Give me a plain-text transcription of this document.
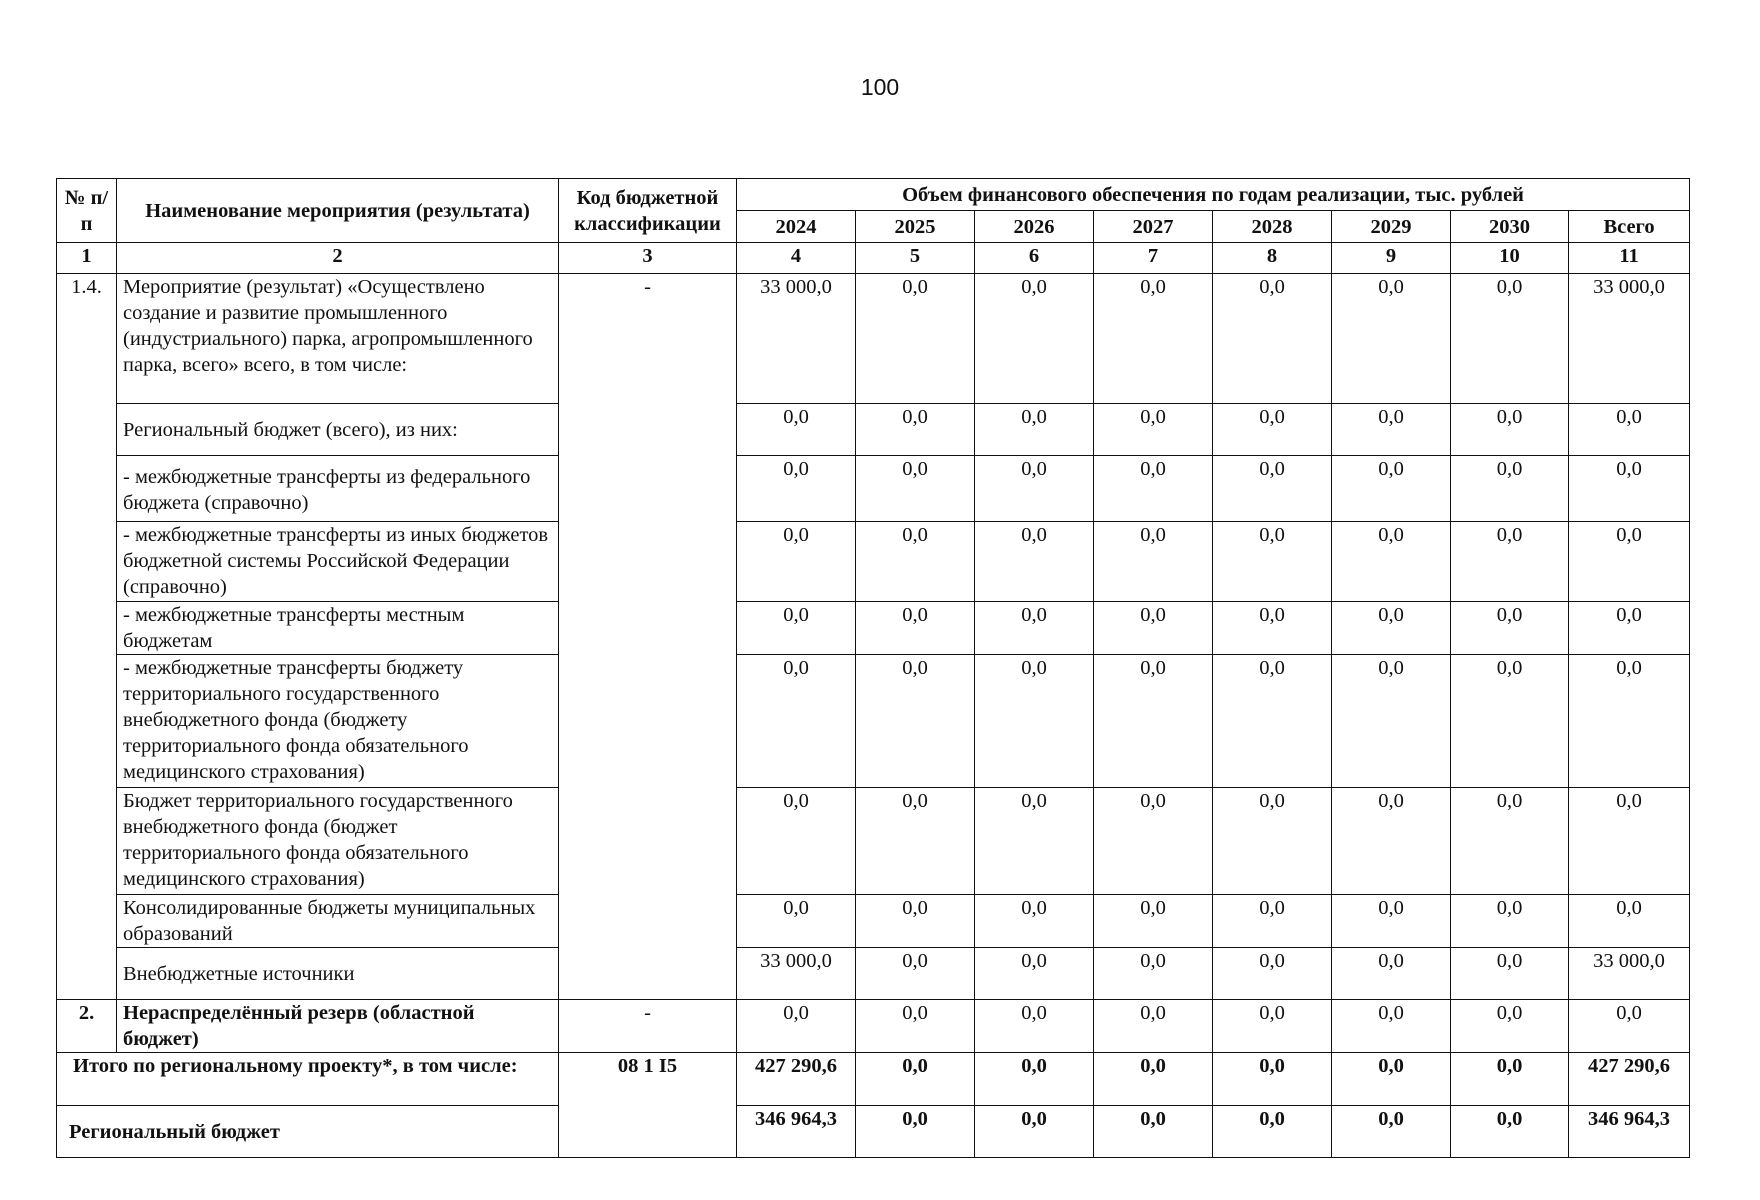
100
№ п/п	Наименование мероприятия (результата)	Код бюджетной классификации	Объем финансового обеспечения по годам реализации, тыс. рублей							
			2024	2025	2026	2027	2028	2029	2030	Всего
1	2	3	4	5	6	7	8	9	10	11
1.4.	Мероприятие (результат) «Осуществлено создание и развитие промышленного (индустриального) парка, агропромышленного парка, всего» всего, в том числе:	-	33 000,0	0,0	0,0	0,0	0,0	0,0	0,0	33 000,0
	Региональный бюджет (всего), из них:		0,0	0,0	0,0	0,0	0,0	0,0	0,0	0,0
	- межбюджетные трансферты из федерального бюджета (справочно)		0,0	0,0	0,0	0,0	0,0	0,0	0,0	0,0
	- межбюджетные трансферты из иных бюджетов бюджетной системы Российской Федерации (справочно)		0,0	0,0	0,0	0,0	0,0	0,0	0,0	0,0
	- межбюджетные трансферты местным бюджетам		0,0	0,0	0,0	0,0	0,0	0,0	0,0	0,0
	- межбюджетные трансферты бюджету территориального государственного внебюджетного фонда (бюджету территориального фонда обязательного медицинского страхования)		0,0	0,0	0,0	0,0	0,0	0,0	0,0	0,0
	Бюджет территориального государственного внебюджетного фонда (бюджет территориального фонда обязательного медицинского страхования)		0,0	0,0	0,0	0,0	0,0	0,0	0,0	0,0
	Консолидированные бюджеты муниципальных образований		0,0	0,0	0,0	0,0	0,0	0,0	0,0	0,0
	Внебюджетные источники		33 000,0	0,0	0,0	0,0	0,0	0,0	0,0	33 000,0
2.	Нераспределённый резерв (областной бюджет)	-	0,0	0,0	0,0	0,0	0,0	0,0	0,0	0,0
Итого по региональному проекту*, в том числе:		08 1 I5	427 290,6	0,0	0,0	0,0	0,0	0,0	0,0	427 290,6
Региональный бюджет			346 964,3	0,0	0,0	0,0	0,0	0,0	0,0	346 964,3
